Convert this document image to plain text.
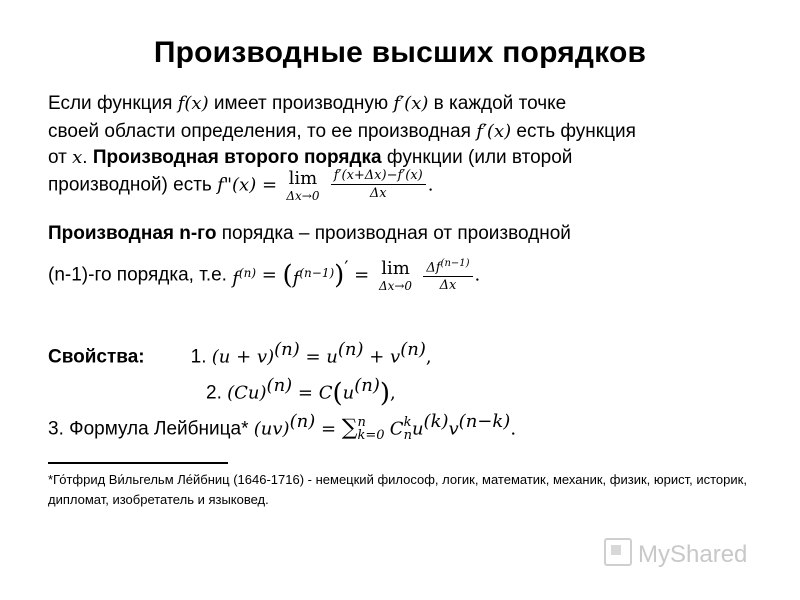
Производные высших порядков
Если функция f(x) имеет производную f′(x) в каждой точке
своей области определения, то ее производная f′(x) есть функция
от x. Производная второго порядка функции (или второй
производной) есть f"(x) = lim
Δx→0
$\frac{f'(x+\Delta x)-f'(x)}{\Delta x}$ .
Производная n-го порядка – производная от производной
(n-1)-го порядка, т.е. $f^{(n)} = (f^{(n-1)})' = \lim$
Δx→0
$\frac{\Delta f^{(n-1)}}{\Delta x}$ .
Свойства: 1. $(u + v)^{(n)} = u^{(n)} + v^{(n)}$,
2. $(Cu)^{(n)} = C(u^{(n)})$,
3. Формула Лейбница* (uv)$^{(n)}$ = ∑ n
k=0 C k
n $u^{(k)}v^{(n-k)}$.
*Го́тфрид Ви́льгельм Ле́йбниц (1646-1716) - немецкий философ, логик, математик, механик, физик, юрист, историк, дипломат, изобретатель и языковед.
MyShared
